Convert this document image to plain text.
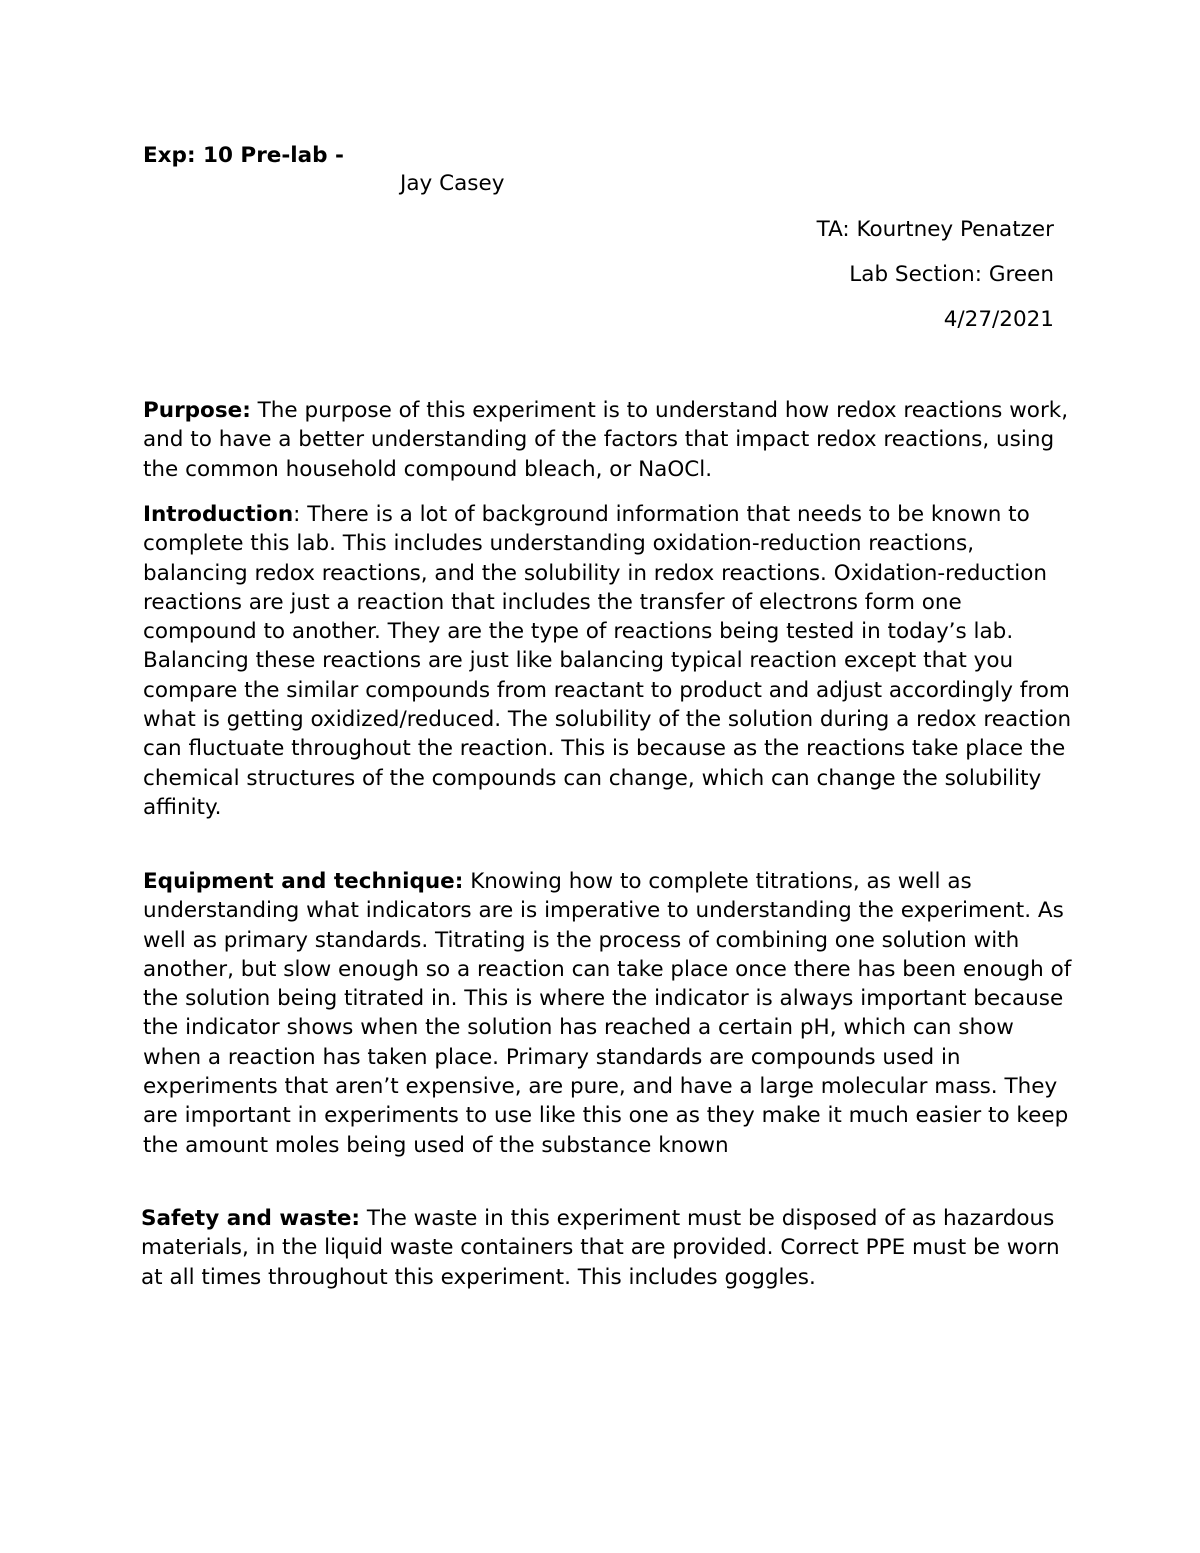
Exp: 10 Pre-lab -
Jay Casey
TA: Kourtney Penatzer
Lab Section: Green
4/27/2021
Purpose: The purpose of this experiment is to understand how redox reactions work, and to have a better understanding of the factors that impact redox reactions, using the common household compound bleach, or NaOCl.
Introduction: There is a lot of background information that needs to be known to complete this lab. This includes understanding oxidation-reduction reactions, balancing redox reactions, and the solubility in redox reactions. Oxidation-reduction reactions are just a reaction that includes the transfer of electrons form one compound to another. They are the type of reactions being tested in today’s lab. Balancing these reactions are just like balancing typical reaction except that you compare the similar compounds from reactant to product and adjust accordingly from what is getting oxidized/reduced. The solubility of the solution during a redox reaction can fluctuate throughout the reaction. This is because as the reactions take place the chemical structures of the compounds can change, which can change the solubility affinity.
Equipment and technique: Knowing how to complete titrations, as well as understanding what indicators are is imperative to understanding the experiment. As well as primary standards. Titrating is the process of combining one solution with another, but slow enough so a reaction can take place once there has been enough of the solution being titrated in. This is where the indicator is always important because the indicator shows when the solution has reached a certain pH, which can show when a reaction has taken place. Primary standards are compounds used in experiments that aren’t expensive, are pure, and have a large molecular mass. They are important in experiments to use like this one as they make it much easier to keep the amount moles being used of the substance known
Safety and waste: The waste in this experiment must be disposed of as hazardous materials, in the liquid waste containers that are provided. Correct PPE must be worn at all times throughout this experiment. This includes goggles.
